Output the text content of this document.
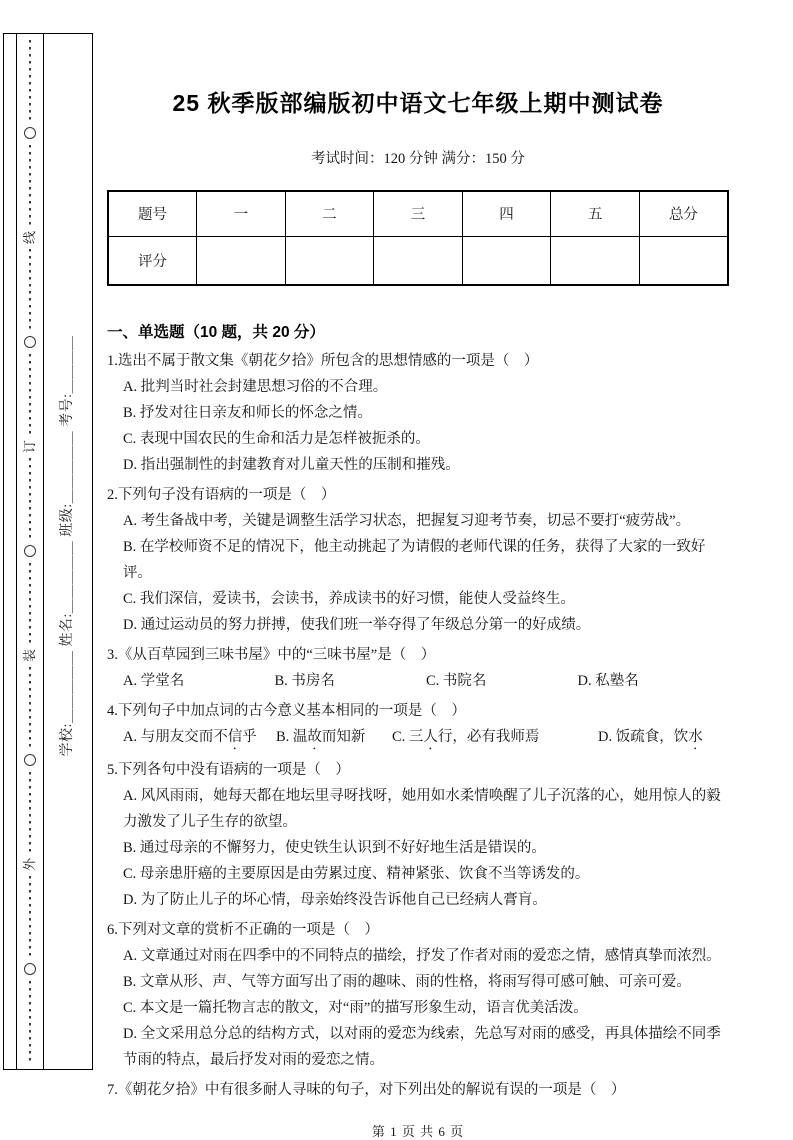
线
订
装
外
学校:＿＿＿＿＿ 姓名:＿＿＿＿＿ 班级:＿＿＿＿＿ 考号:＿＿＿＿
25 秋季版部编版初中语文七年级上期中测试卷
考试时间：120 分钟 满分：150 分
题号	一	二	三	四	五	总分
评分						
一、单选题（10 题，共 20 分）
1.选出不属于散文集《朝花夕拾》所包含的思想情感的一项是（　）
A. 批判当时社会封建思想习俗的不合理。
B. 抒发对往日亲友和师长的怀念之情。
C. 表现中国农民的生命和活力是怎样被扼杀的。
D. 指出强制性的封建教育对儿童天性的压制和摧残。
2.下列句子没有语病的一项是（　）
A. 考生备战中考，关键是调整生活学习状态，把握复习迎考节奏，切忌不要打“疲劳战”。
B. 在学校师资不足的情况下，他主动挑起了为请假的老师代课的任务，获得了大家的一致好评。
C. 我们深信，爱读书，会读书，养成读书的好习惯，能使人受益终生。
D. 通过运动员的努力拼搏，使我们班一举夺得了年级总分第一的好成绩。
3.《从百草园到三味书屋》中的“三味书屋”是（　）
A. 学堂名	B. 书房名	C. 书院名	D. 私塾名
4.下列句子中加点词的古今意义基本相同的一项是（　）
A. 与朋友交而不信乎	B. 温故而知新	C. 三人行，必有我师焉	D. 饭疏食，饮水
5.下列各句中没有语病的一项是（　）
A. 风风雨雨，她每天都在地坛里寻呀找呀，她用如水柔情唤醒了儿子沉落的心，她用惊人的毅力激发了儿子生存的欲望。
B. 通过母亲的不懈努力，使史铁生认识到不好好地生活是错误的。
C. 母亲患肝癌的主要原因是由劳累过度、精神紧张、饮食不当等诱发的。
D. 为了防止儿子的坏心情，母亲始终没告诉他自己已经病人膏肓。
6.下列对文章的赏析不正确的一项是（　）
A. 文章通过对雨在四季中的不同特点的描绘，抒发了作者对雨的爱恋之情，感情真挚而浓烈。
B. 文章从形、声、气等方面写出了雨的趣味、雨的性格，将雨写得可感可触、可亲可爱。
C. 本文是一篇托物言志的散文，对“雨”的描写形象生动，语言优美活泼。
D. 全文采用总分总的结构方式，以对雨的爱恋为线索，先总写对雨的感受，再具体描绘不同季节雨的特点，最后抒发对雨的爱恋之情。
7.《朝花夕拾》中有很多耐人寻味的句子，对下列出处的解说有误的一项是（　）
第 1 页 共 6 页
